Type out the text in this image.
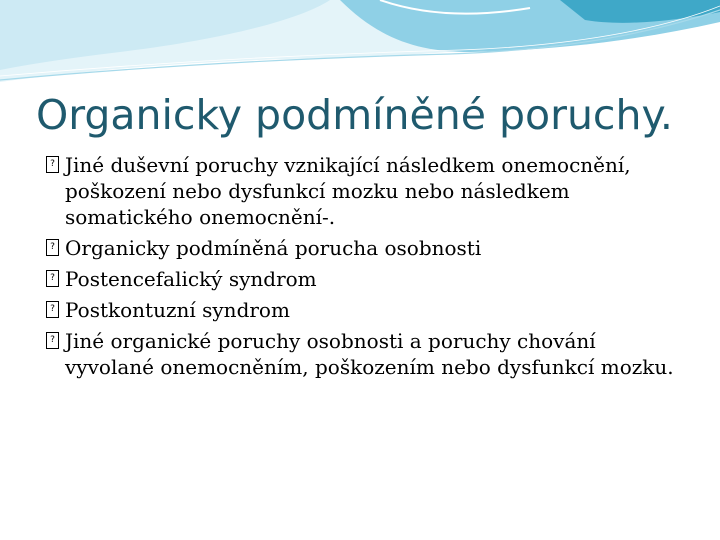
Organicky podmíněné poruchy.
?
Jiné duševní poruchy vznikající následkem onemocnění, poškození nebo dysfunkcí mozku nebo následkem somatického onemocnění-.
?
Organicky podmíněná porucha osobnosti
?
Postencefalický syndrom
?
Postkontuzní syndrom
?
Jiné organické poruchy osobnosti a poruchy chování vyvolané onemocněním, poškozením nebo dysfunkcí mozku.
